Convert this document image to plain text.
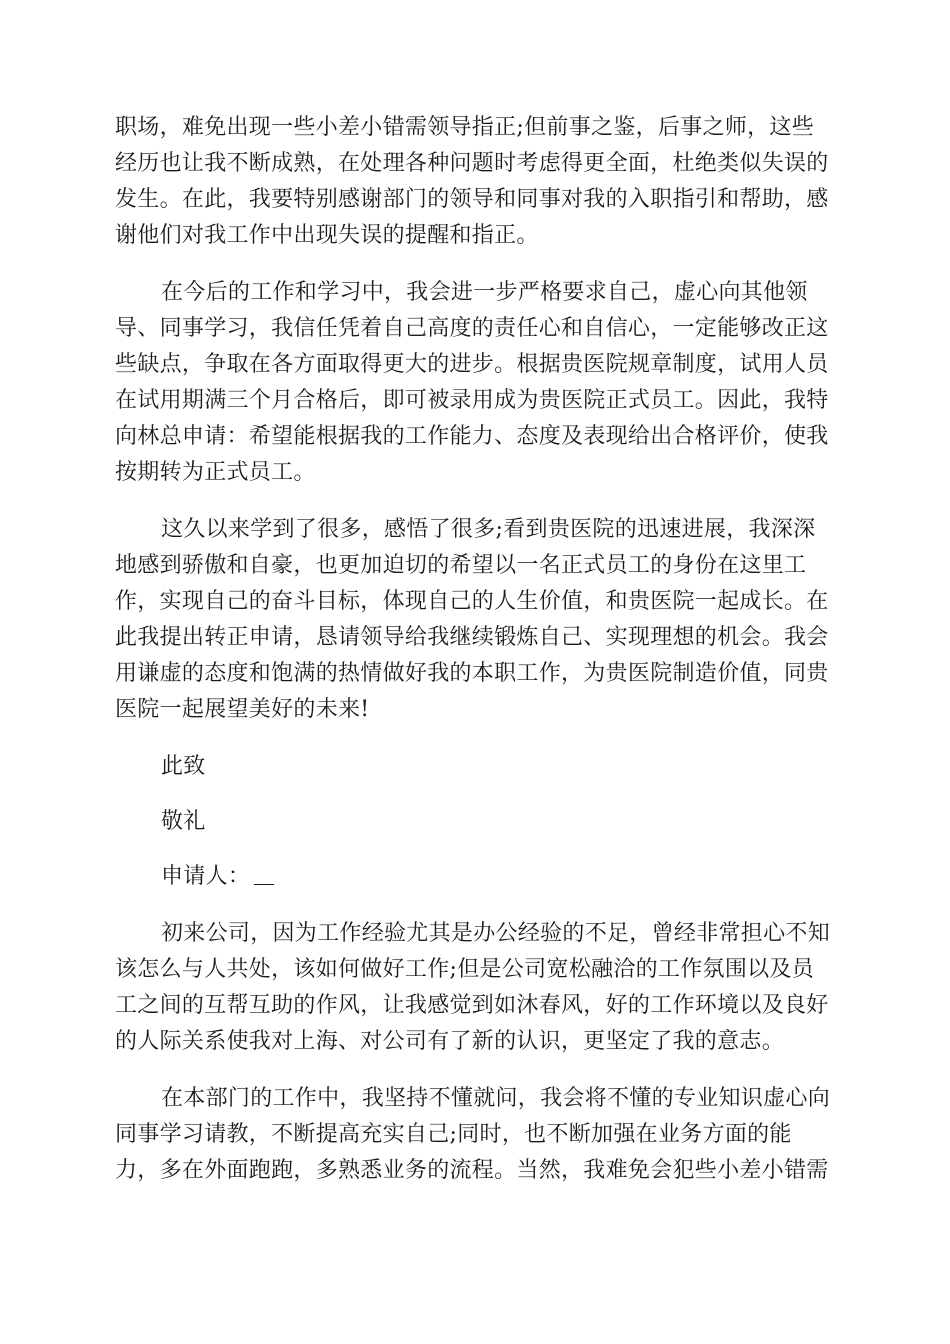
职场，难免出现一些小差小错需领导指正;但前事之鉴，后事之师，这些
经历也让我不断成熟，在处理各种问题时考虑得更全面，杜绝类似失误的
发生。在此，我要特别感谢部门的领导和同事对我的入职指引和帮助，感
谢他们对我工作中出现失误的提醒和指正。
在今后的工作和学习中，我会进一步严格要求自己，虚心向其他领
导、同事学习，我信任凭着自己高度的责任心和自信心，一定能够改正这
些缺点，争取在各方面取得更大的进步。根据贵医院规章制度，试用人员
在试用期满三个月合格后，即可被录用成为贵医院正式员工。因此，我特
向林总申请：希望能根据我的工作能力、态度及表现给出合格评价，使我
按期转为正式员工。
这久以来学到了很多，感悟了很多;看到贵医院的迅速进展，我深深
地感到骄傲和自豪，也更加迫切的希望以一名正式员工的身份在这里工
作，实现自己的奋斗目标，体现自己的人生价值，和贵医院一起成长。在
此我提出转正申请，恳请领导给我继续锻炼自己、实现理想的机会。我会
用谦虚的态度和饱满的热情做好我的本职工作，为贵医院制造价值，同贵
医院一起展望美好的未来!
此致
敬礼
申请人：
初来公司，因为工作经验尤其是办公经验的不足，曾经非常担心不知
该怎么与人共处，该如何做好工作;但是公司宽松融洽的工作氛围以及员
工之间的互帮互助的作风，让我感觉到如沐春风，好的工作环境以及良好
的人际关系使我对上海、对公司有了新的认识，更坚定了我的意志。
在本部门的工作中，我坚持不懂就问，我会将不懂的专业知识虚心向
同事学习请教，不断提高充实自己;同时，也不断加强在业务方面的能
力，多在外面跑跑，多熟悉业务的流程。当然，我难免会犯些小差小错需
